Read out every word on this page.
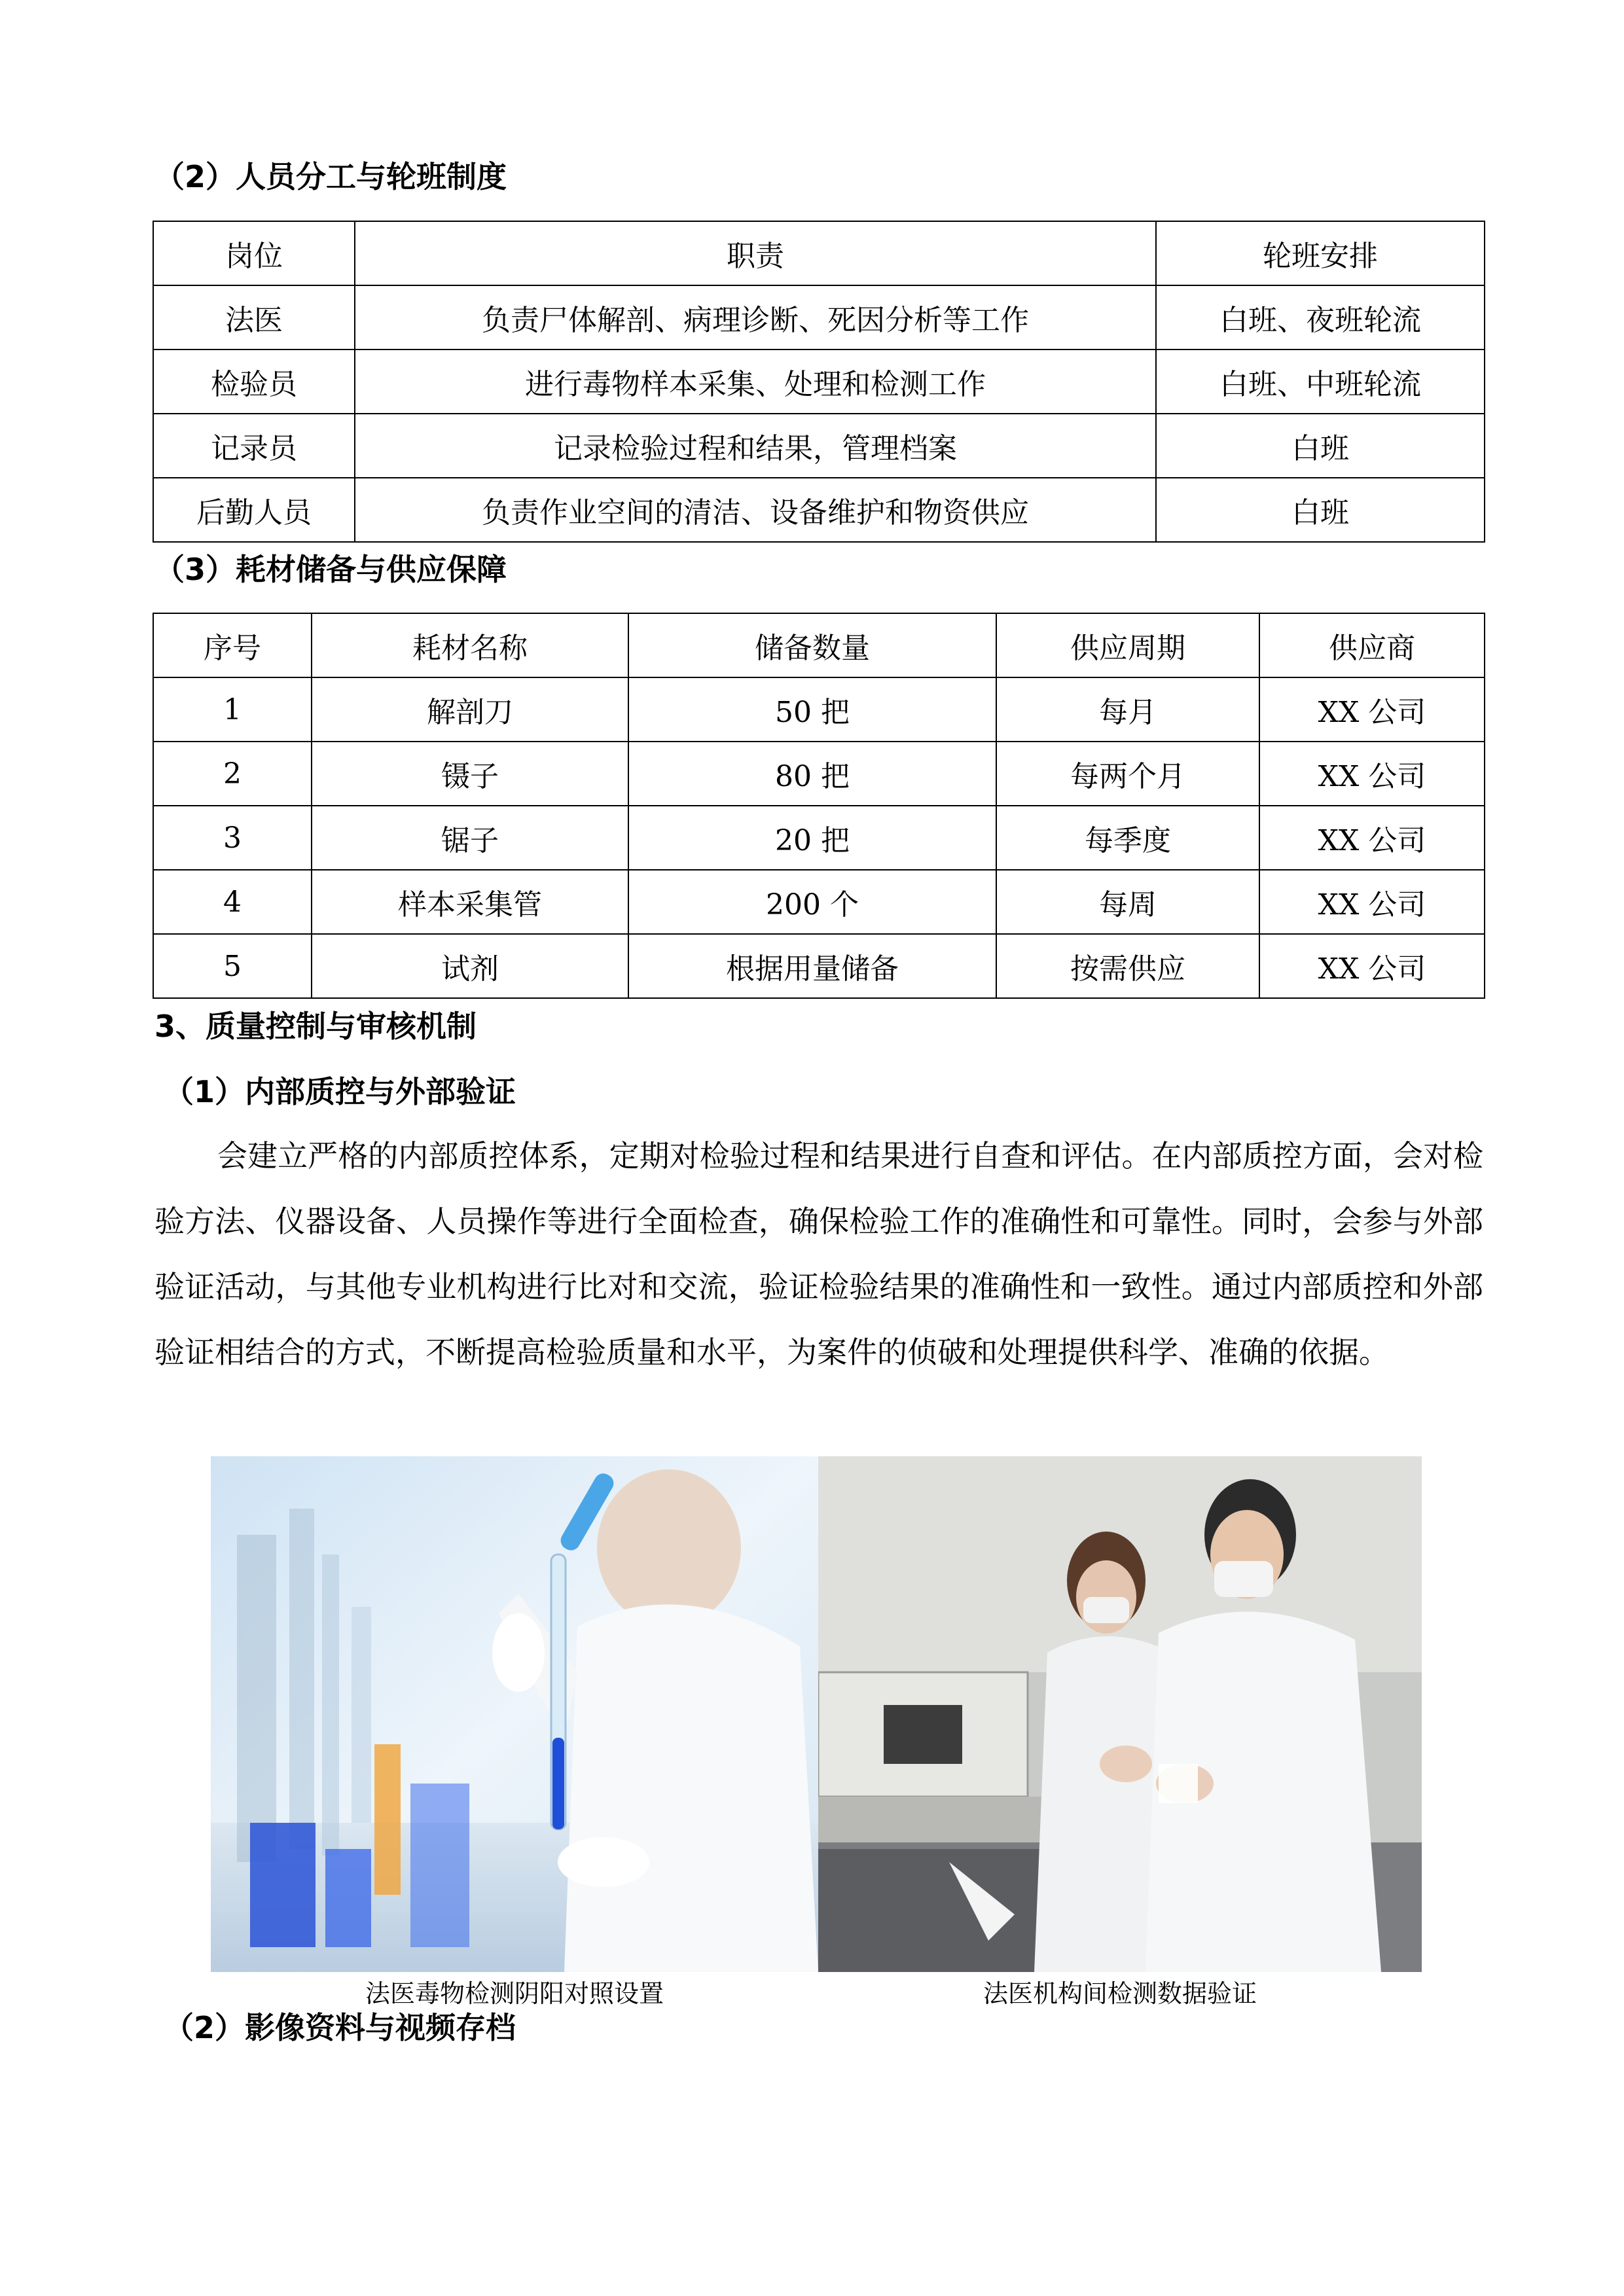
（2）人员分工与轮班制度
岗位	职责	轮班安排
法医	负责尸体解剖、病理诊断、死因分析等工作	白班、夜班轮流
检验员	进行毒物样本采集、处理和检测工作	白班、中班轮流
记录员	记录检验过程和结果，管理档案	白班
后勤人员	负责作业空间的清洁、设备维护和物资供应	白班
（3）耗材储备与供应保障
序号	耗材名称	储备数量	供应周期	供应商
1	解剖刀	50 把	每月	XX 公司
2	镊子	80 把	每两个月	XX 公司
3	锯子	20 把	每季度	XX 公司
4	样本采集管	200 个	每周	XX 公司
5	试剂	根据用量储备	按需供应	XX 公司
3、质量控制与审核机制
（1）内部质控与外部验证

会建立严格的内部质控体系，定期对检验过程和结果进行自查和评估。在内部质控方面，会对检验方法、仪器设备、人员操作等进行全面检查，确保检验工作的准确性和可靠性。同时，会参与外部验证活动，与其他专业机构进行比对和交流，验证检验结果的准确性和一致性。通过内部质控和外部验证相结合的方式，不断提高检验质量和水平，为案件的侦破和处理提供科学、准确的依据。

法医毒物检测阴阳对照设置	法医机构间检测数据验证
（2）影像资料与视频存档
